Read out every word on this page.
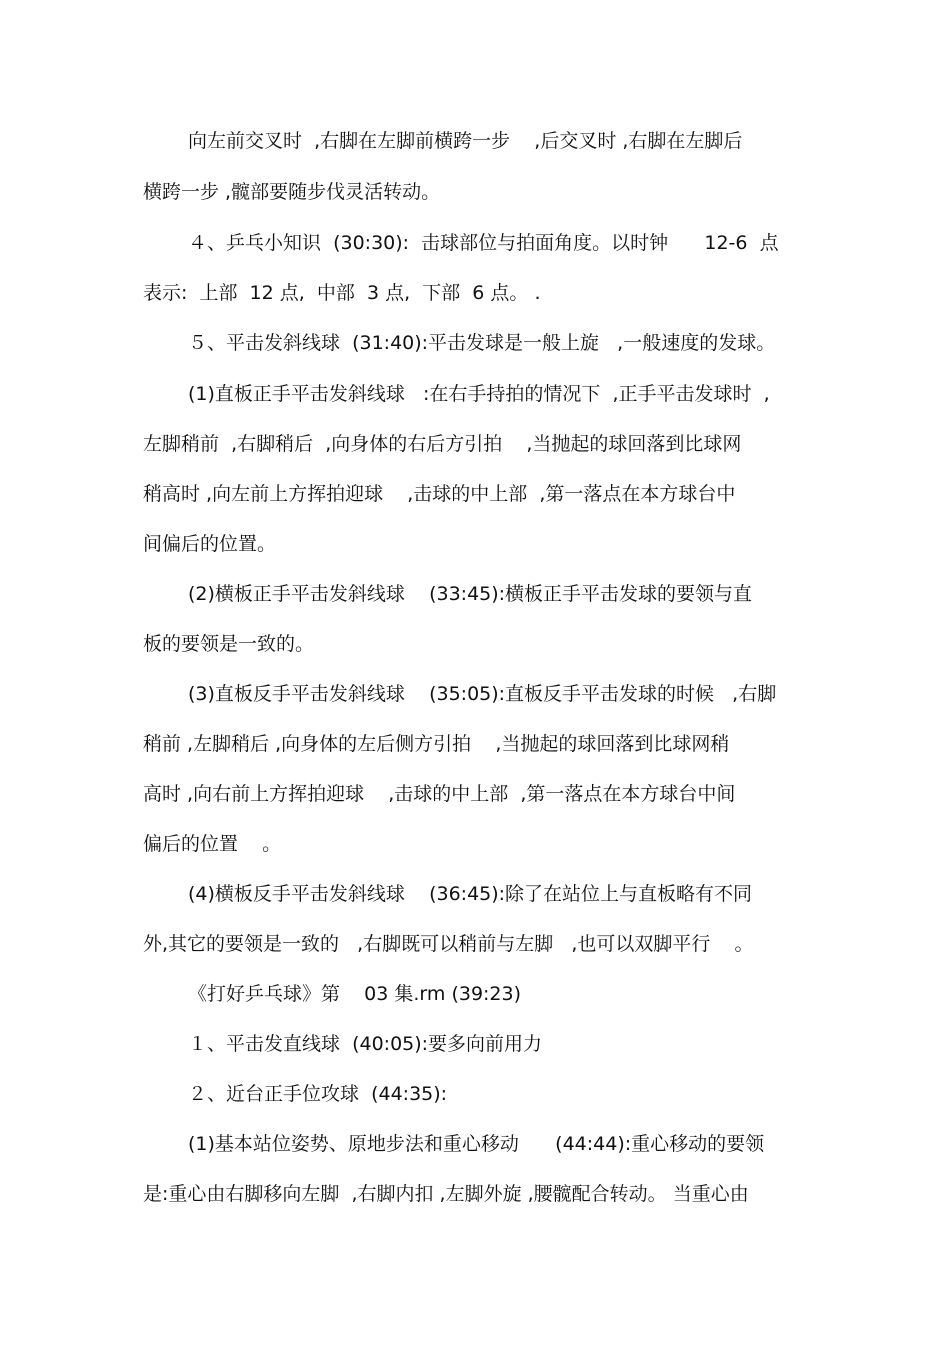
向左前交叉时  ,右脚在左脚前横跨一步    ,后交叉时 ,右脚在左脚后
横跨一步 ,髋部要随步伐灵活转动。
４、乒乓小知识  (30:30):  击球部位与拍面角度。以时钟      12-6  点
表示:  上部  12 点,  中部  3 点,  下部  6 点。 .
５、平击发斜线球  (31:40):平击发球是一般上旋   ,一般速度的发球。
(1)直板正手平击发斜线球   :在右手持拍的情况下  ,正手平击发球时  ,
左脚稍前  ,右脚稍后  ,向身体的右后方引拍    ,当抛起的球回落到比球网
稍高时 ,向左前上方挥拍迎球    ,击球的中上部  ,第一落点在本方球台中
间偏后的位置。
(2)横板正手平击发斜线球    (33:45):横板正手平击发球的要领与直
板的要领是一致的。
(3)直板反手平击发斜线球    (35:05):直板反手平击发球的时候   ,右脚
稍前 ,左脚稍后 ,向身体的左后侧方引拍    ,当抛起的球回落到比球网稍
高时 ,向右前上方挥拍迎球    ,击球的中上部  ,第一落点在本方球台中间
偏后的位置    。
(4)横板反手平击发斜线球    (36:45):除了在站位上与直板略有不同
外,其它的要领是一致的   ,右脚既可以稍前与左脚   ,也可以双脚平行    。
《打好乒乓球》第    03 集.rm (39:23)
１、平击发直线球  (40:05):要多向前用力
２、近台正手位攻球  (44:35):
(1)基本站位姿势、原地步法和重心移动      (44:44):重心移动的要领
是:重心由右脚移向左脚  ,右脚内扣 ,左脚外旋 ,腰髋配合转动。 当重心由
